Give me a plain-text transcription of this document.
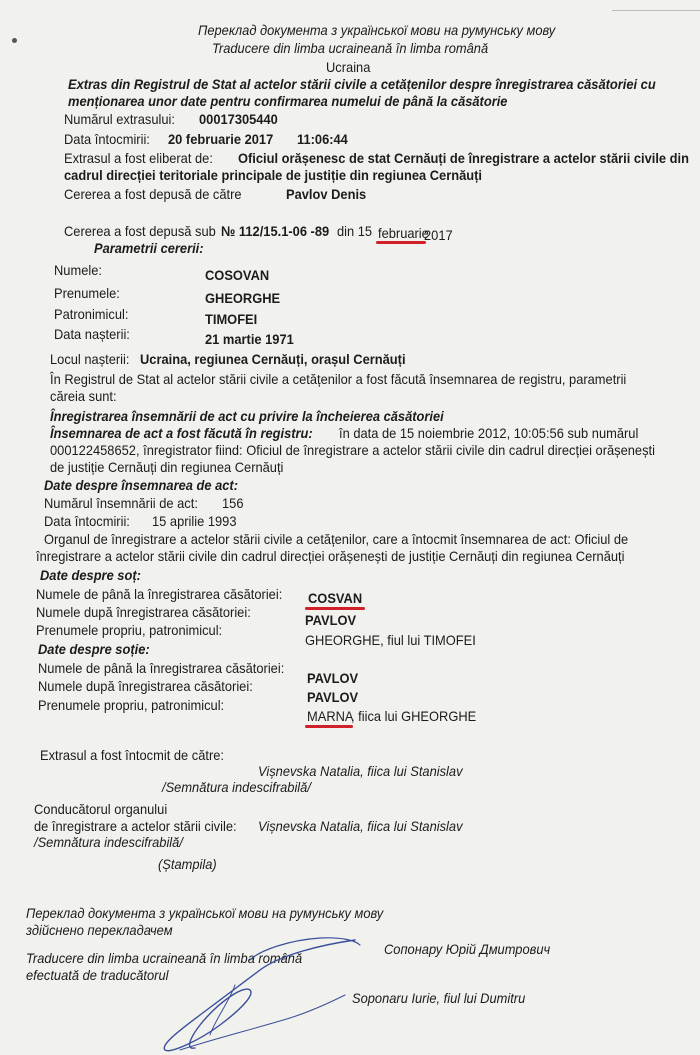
Переклад документа з української мови на румунську мову
Traducere din limba ucraineană în limba română
Ucraina
Extras din Registrul de Stat al actelor stării civile a cetățenilor despre înregistrarea căsătoriei cu
menționarea unor date pentru confirmarea numelui de până la căsătorie
Numărul extrasului: 00017305440
Data întocmirii: 20 februarie 2017 11:06:44
Extrasul a fost eliberat de: Oficiul orășenesc de stat Cernăuți de înregistrare a actelor stării civile din
cadrul direcției teritoriale principale de justiție din regiunea Cernăuți
Cererea a fost depusă de către	Pavlov Denis
Cererea a fost depusă sub № 112/15.1-06 -89 din 15 februarie
2017
Parametrii cererii:
Numele:	COSOVAN
Prenumele:	GHEORGHE
Patronimicul:	TIMOFEI
Data nașterii:	21 martie 1971
Locul nașterii: Ucraina, regiunea Cernăuți, orașul Cernăuți
În Registrul de Stat al actelor stării civile a cetățenilor a fost făcută însemnarea de registru, parametrii
căreia sunt:
Înregistrarea însemnării de act cu privire la încheierea căsătoriei
Însemnarea de act a fost făcută în registru: în data de 15 noiembrie 2012, 10:05:56 sub numărul
000122458652, înregistrator fiind: Oficiul de înregistrare a actelor stării civile din cadrul direcției orășenești
de justiție Cernăuți din regiunea Cernăuți
Date despre însemnarea de act:
Numărul însemnării de act: 156
Data întocmirii: 15 aprilie 1993
Organul de înregistrare a actelor stării civile a cetățenilor, care a întocmit însemnarea de act: Oficiul de
înregistrare a actelor stării civile din cadrul direcției orășenești de justiție Cernăuți din regiunea Cernăuți
Date despre soț:
Numele de până la înregistrarea căsătoriei: COSVAN
Numele după înregistrarea căsătoriei:	PAVLOV
Prenumele propriu, patronimicul:
GHEORGHE, fiul lui TIMOFEI
Date despre soție:
Numele de până la înregistrarea căsătoriei:
PAVLOV
Numele după înregistrarea căsătoriei:
PAVLOV
Prenumele propriu, patronimicul:
MARNA
, fiica lui GHEORGHE
Extrasul a fost întocmit de către:
Vișnevska Natalia, fiica lui Stanislav
/Semnătura indescifrabilă/
Conducătorul organului
de înregistrare a actelor stării civile: Vișnevska Natalia, fiica lui Stanislav
/Semnătura indescifrabilă/
(Ștampila)
Переклад документа з української мови на румунську мову
здійснено перекладачем
Сопонару Юрій Дмитрович
Traducere din limba ucraineană în limba română
efectuată de traducătorul
Soponaru Iurie, fiul lui Dumitru
